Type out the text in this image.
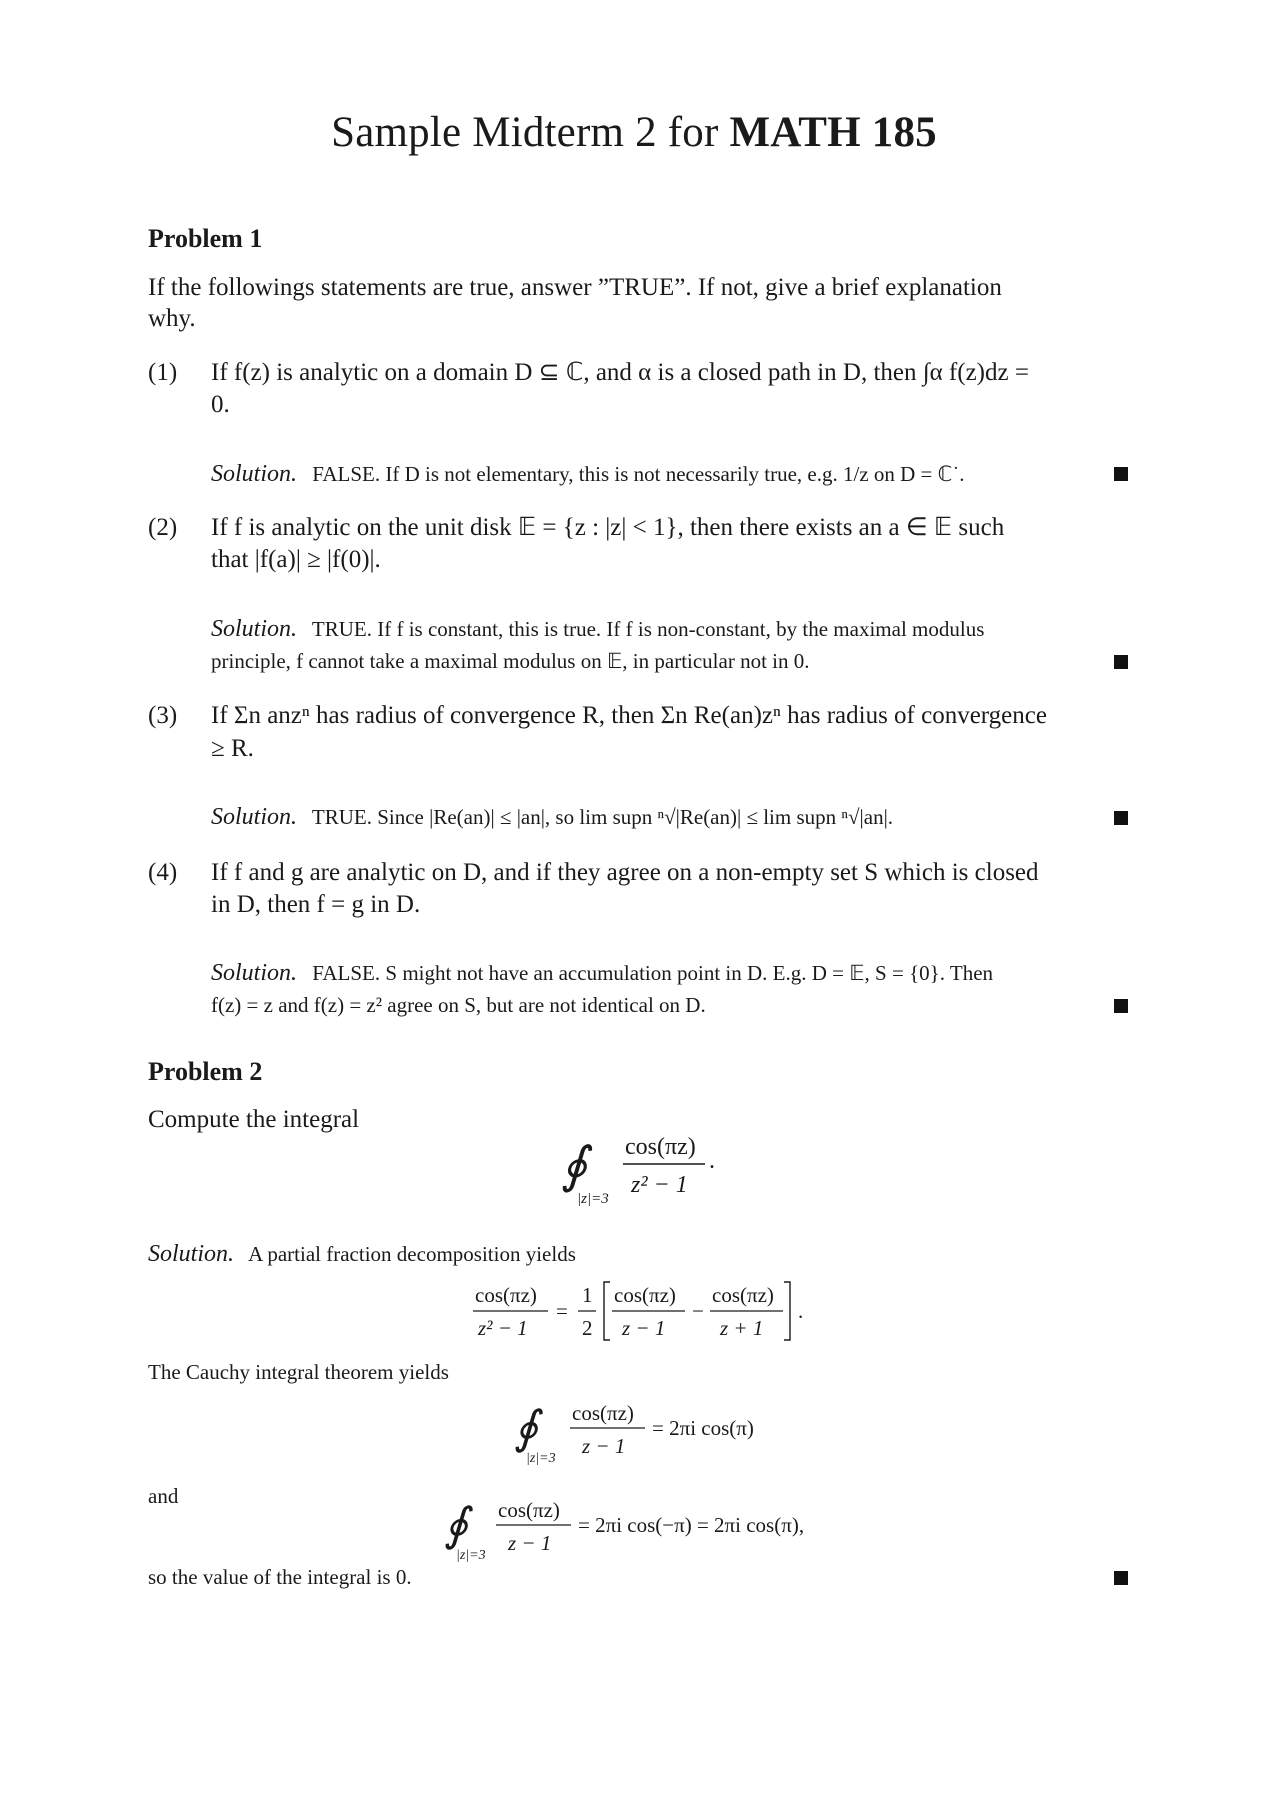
Sample Midterm 2 for MATH 185
Problem 1
If the followings statements are true, answer ”TRUE”. If not, give a brief explanation
why.
(1) If f(z) is analytic on a domain D ⊆ ℂ, and α is a closed path in D, then ∫α f(z)dz =
0.
Solution. FALSE. If D is not elementary, this is not necessarily true, e.g. 1/z on D = ℂ˙.
(2) If f is analytic on the unit disk 𝔼 = {z : |z| < 1}, then there exists an a ∈ 𝔼 such
that |f(a)| ≥ |f(0)|.
Solution. TRUE. If f is constant, this is true. If f is non-constant, by the maximal modulus
principle, f cannot take a maximal modulus on 𝔼, in particular not in 0.
(3) If Σn anzⁿ has radius of convergence R, then Σn Re(an)zⁿ has radius of convergence
≥ R.
Solution. TRUE. Since |Re(an)| ≤ |an|, so lim supn ⁿ√|Re(an)| ≤ lim supn ⁿ√|an|.
(4) If f and g are analytic on D, and if they agree on a non-empty set S which is closed
in D, then f = g in D.
Solution. FALSE. S might not have an accumulation point in D. E.g. D = 𝔼, S = {0}. Then
f(z) = z and f(z) = z² agree on S, but are not identical on D.
Problem 2
Compute the integral
∮
|z|=3
cos(πz)
z² − 1
.
Solution. A partial fraction decomposition yields
cos(πz)
z² − 1
=
1
2
cos(πz)
z − 1
−
cos(πz)
z + 1
.
The Cauchy integral theorem yields
∮
|z|=3
cos(πz)
z − 1
= 2πi cos(π)
and
∮
|z|=3
cos(πz)
z − 1
= 2πi cos(−π) = 2πi cos(π),
so the value of the integral is 0.
